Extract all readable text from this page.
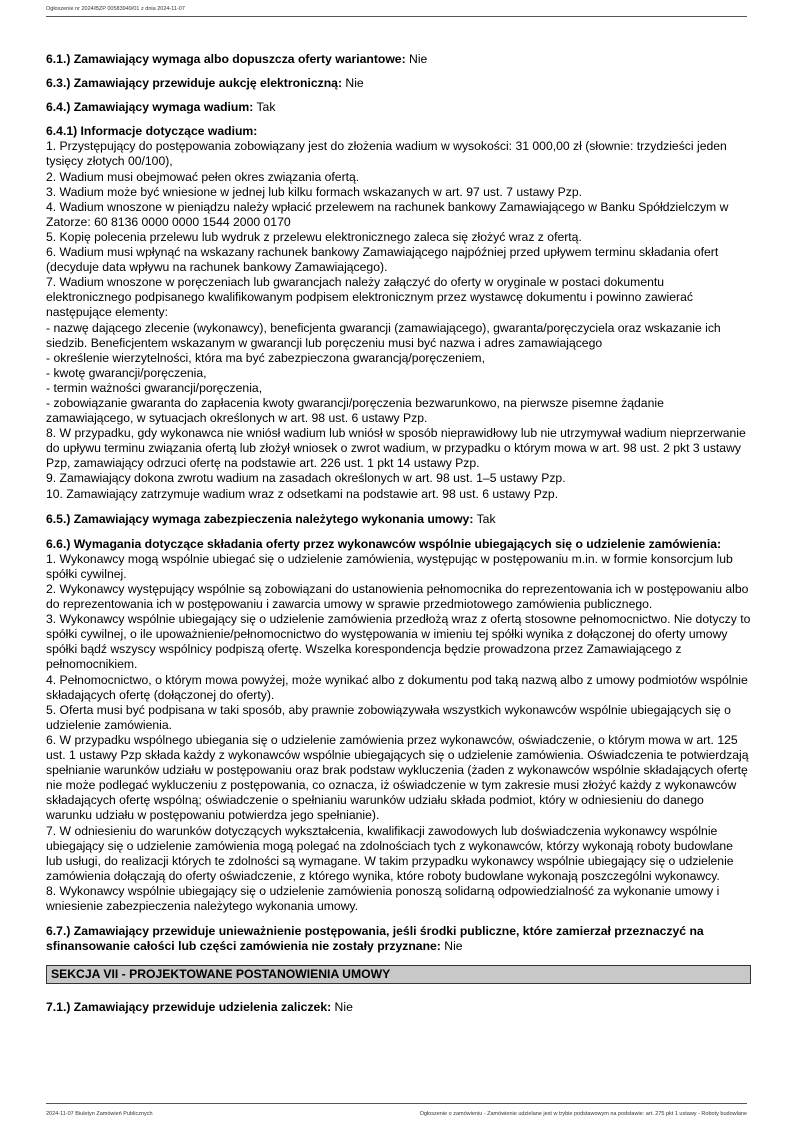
Ogłoszenie nr 2024/BZP 00583949/01 z dnia 2024-11-07

6.1.) Zamawiający wymaga albo dopuszcza oferty wariantowe: Nie

6.3.) Zamawiający przewiduje aukcję elektroniczną: Nie

6.4.) Zamawiający wymaga wadium: Tak

6.4.1) Informacje dotyczące wadium:

1. Przystępujący do postępowania zobowiązany jest do złożenia wadium w wysokości: 31 000,00 zł (słownie: trzydzieści jeden tysięcy złotych 00/100),
2. Wadium musi obejmować pełen okres związania ofertą.
3. Wadium może być wniesione w jednej lub kilku formach wskazanych w art. 97 ust. 7 ustawy Pzp.
4. Wadium wnoszone w pieniądzu należy wpłacić przelewem na rachunek bankowy Zamawiającego w Banku Spółdzielczym w Zatorze: 60 8136 0000 0000 1544 2000 0170
5. Kopię polecenia przelewu lub wydruk z przelewu elektronicznego zaleca się złożyć wraz z ofertą.
6. Wadium musi wpłynąć na wskazany rachunek bankowy Zamawiającego najpóźniej przed upływem terminu składania ofert (decyduje data wpływu na rachunek bankowy Zamawiającego).
7. Wadium wnoszone w poręczeniach lub gwarancjach należy załączyć do oferty w oryginale w postaci dokumentu elektronicznego podpisanego kwalifikowanym podpisem elektronicznym przez wystawcę dokumentu i powinno zawierać następujące elementy:
- nazwę dającego zlecenie (wykonawcy), beneficjenta gwarancji (zamawiającego), gwaranta/poręczyciela oraz wskazanie ich siedzib. Beneficjentem wskazanym w gwarancji lub poręczeniu musi być nazwa i adres zamawiającego
- określenie wierzytelności, która ma być zabezpieczona gwarancją/poręczeniem,
- kwotę gwarancji/poręczenia,
- termin ważności gwarancji/poręczenia,
- zobowiązanie gwaranta do zapłacenia kwoty gwarancji/poręczenia bezwarunkowo, na pierwsze pisemne żądanie zamawiającego, w sytuacjach określonych w art. 98 ust. 6 ustawy Pzp.
8. W przypadku, gdy wykonawca nie wniósł wadium lub wniósł w sposób nieprawidłowy lub nie utrzymywał wadium nieprzerwanie do upływu terminu związania ofertą lub złożył wniosek o zwrot wadium, w przypadku o którym mowa w art. 98 ust. 2 pkt 3 ustawy Pzp, zamawiający odrzuci ofertę na podstawie art. 226 ust. 1 pkt 14 ustawy Pzp.
9. Zamawiający dokona zwrotu wadium na zasadach określonych w art. 98 ust. 1–5 ustawy Pzp.
10. Zamawiający zatrzymuje wadium wraz z odsetkami na podstawie art. 98 ust. 6 ustawy Pzp.

6.5.) Zamawiający wymaga zabezpieczenia należytego wykonania umowy: Tak

6.6.) Wymagania dotyczące składania oferty przez wykonawców wspólnie ubiegających się o udzielenie zamówienia:

1. Wykonawcy mogą wspólnie ubiegać się o udzielenie zamówienia, występując w postępowaniu m.in. w formie konsorcjum lub spółki cywilnej.
2. Wykonawcy występujący wspólnie są zobowiązani do ustanowienia pełnomocnika do reprezentowania ich w postępowaniu albo do reprezentowania ich w postępowaniu i zawarcia umowy w sprawie przedmiotowego zamówienia publicznego.
3. Wykonawcy wspólnie ubiegający się o udzielenie zamówienia przedłożą wraz z ofertą stosowne pełnomocnictwo. Nie dotyczy to spółki cywilnej, o ile upoważnienie/pełnomocnictwo do występowania w imieniu tej spółki wynika z dołączonej do oferty umowy spółki bądź wszyscy wspólnicy podpiszą ofertę. Wszelka korespondencja będzie prowadzona przez Zamawiającego z pełnomocnikiem.
4. Pełnomocnictwo, o którym mowa powyżej, może wynikać albo z dokumentu pod taką nazwą albo z umowy podmiotów wspólnie składających ofertę (dołączonej do oferty).
5. Oferta musi być podpisana w taki sposób, aby prawnie zobowiązywała wszystkich wykonawców wspólnie ubiegających się o udzielenie zamówienia.
6. W przypadku wspólnego ubiegania się o udzielenie zamówienia przez wykonawców, oświadczenie, o którym mowa w art. 125 ust. 1 ustawy Pzp składa każdy z wykonawców wspólnie ubiegających się o udzielenie zamówienia. Oświadczenia te potwierdzają spełnianie warunków udziału w postępowaniu oraz brak podstaw wykluczenia (żaden z wykonawców wspólnie składających ofertę nie może podlegać wykluczeniu z postępowania, co oznacza, iż oświadczenie w tym zakresie musi złożyć każdy z wykonawców składających ofertę wspólną; oświadczenie o spełnianiu warunków udziału składa podmiot, który w odniesieniu do danego warunku udziału w postępowaniu potwierdza jego spełnianie).
7. W odniesieniu do warunków dotyczących wykształcenia, kwalifikacji zawodowych lub doświadczenia wykonawcy wspólnie ubiegający się o udzielenie zamówienia mogą polegać na zdolnościach tych z wykonawców, którzy wykonają roboty budowlane lub usługi, do realizacji których te zdolności są wymagane. W takim przypadku wykonawcy wspólnie ubiegający się o udzielenie zamówienia dołączają do oferty oświadczenie, z którego wynika, które roboty budowlane wykonają poszczególni wykonawcy.
8. Wykonawcy wspólnie ubiegający się o udzielenie zamówienia ponoszą solidarną odpowiedzialność za wykonanie umowy i wniesienie zabezpieczenia należytego wykonania umowy.

6.7.) Zamawiający przewiduje unieważnienie postępowania, jeśli środki publiczne, które zamierzał przeznaczyć na sfinansowanie całości lub części zamówienia nie zostały przyznane: Nie

SEKCJA VII - PROJEKTOWANE POSTANOWIENIA UMOWY

7.1.) Zamawiający przewiduje udzielenia zaliczek: Nie

2024-11-07 Biuletyn Zamówień Publicznych	Ogłoszenie o zamówieniu - Zamówienie udzielane jest w trybie podstawowym na podstawie: art. 275 pkt 1 ustawy - Roboty budowlane
